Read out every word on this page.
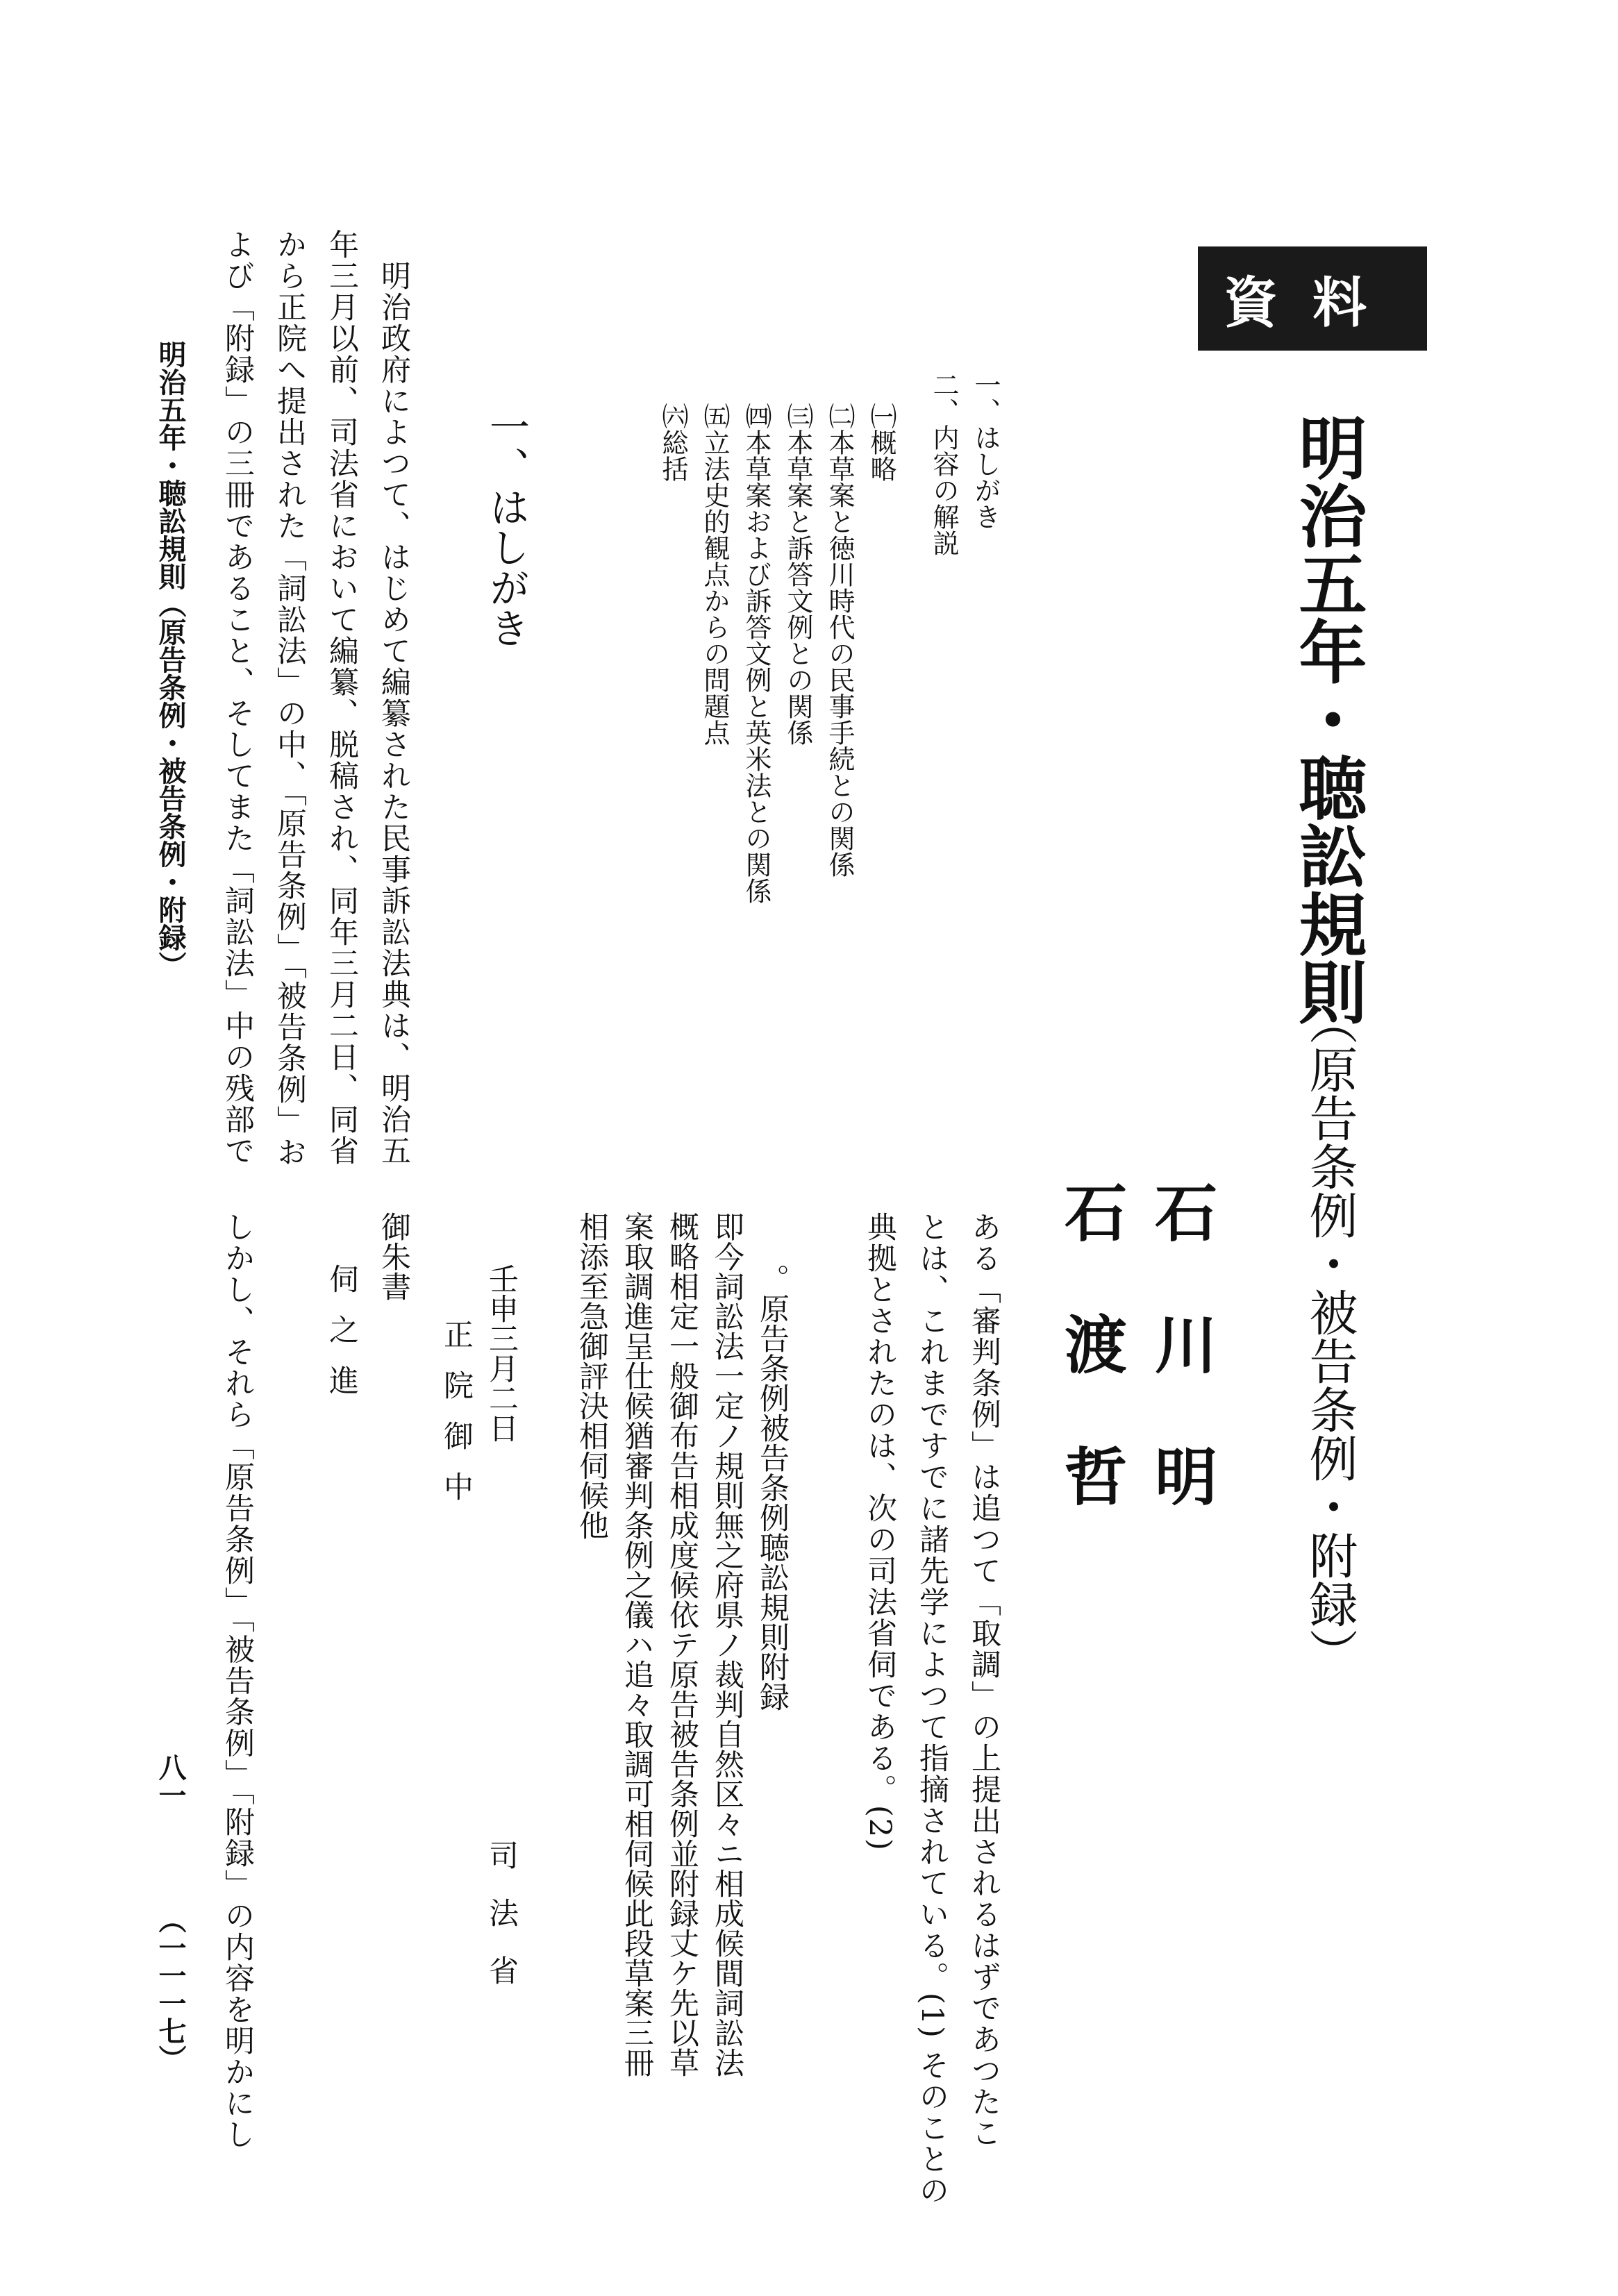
資料
明治五年・聴訟規則
（原告条例・被告条例・附録）
石川明
石渡哲
一、はしがき
二、内容の解説
㈠概略
㈡本草案と徳川時代の民事手続との関係
㈢本草案と訴答文例との関係
㈣本草案および訴答文例と英米法との関係
㈤立法史的観点からの問題点
㈥総括
ある「審判条例」は追つて「取調」の上提出されるはずであつたこ
とは、これまですでに諸先学によつて指摘されている。(1) そのことの
典拠とされたのは、次の司法省伺である。(2)
。原告条例被告条例聴訟規則附録
即今詞訟法一定ノ規則無之府県ノ裁判自然区々ニ相成候間詞訟法
概略相定一般御布告相成度候依テ原告被告条例並附録丈ケ先以草
案取調進呈仕候猶審判条例之儀ハ追々取調可相伺候此段草案三冊
相添至急御評決相伺候他
壬申三月二日
司法省
正院御中
御朱書
伺之進
しかし、それら「原告条例」「被告条例」「附録」の内容を明かにし
一、はしがき
明治政府によつて、はじめて編纂された民事訴訟法典は、明治五
年三月以前、司法省において編纂、脱稿され、同年三月二日、同省
から正院へ提出された「詞訟法」の中、「原告条例」「被告条例」お
よび「附録」の三冊であること、そしてまた「詞訟法」中の残部で
明治五年・聴訟規則（原告条例・被告条例・附録）
八一
（一一一七）
